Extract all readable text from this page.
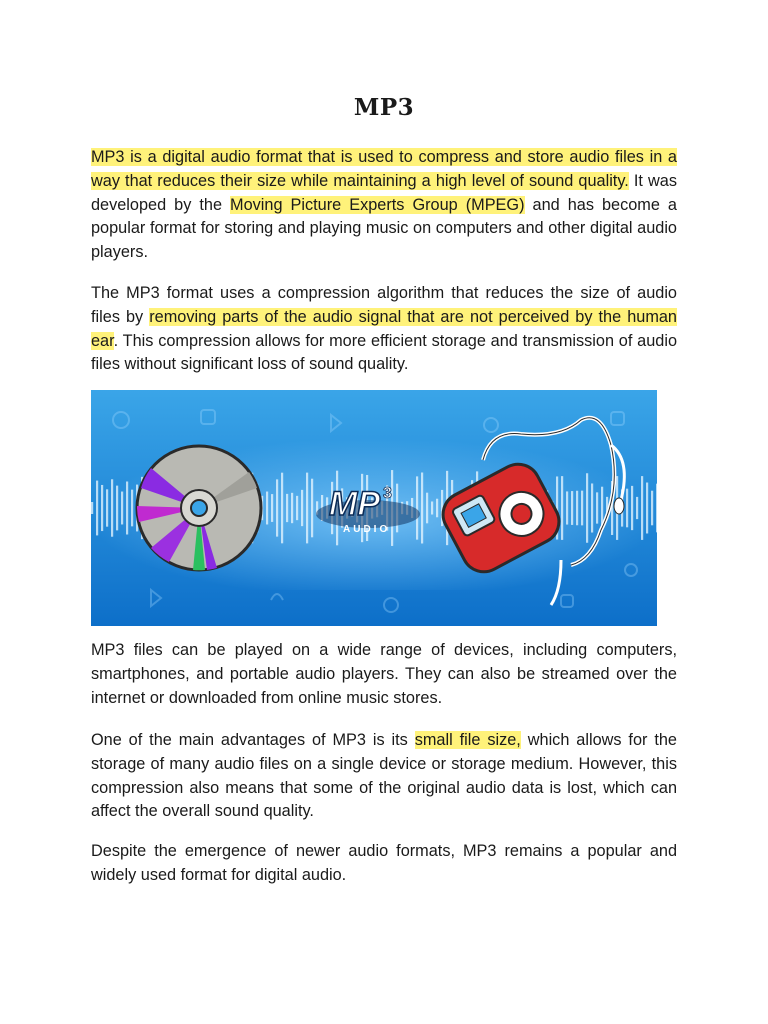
MP3

MP3 is a digital audio format that is used to compress and store audio files in a way that reduces their size while maintaining a high level of sound quality. It was developed by the Moving Picture Experts Group (MPEG) and has become a popular format for storing and playing music on computers and other digital audio players.

The MP3 format uses a compression algorithm that reduces the size of audio files by removing parts of the audio signal that are not perceived by the human ear. This compression allows for more efficient storage and transmission of audio files without significant loss of sound quality.

MP 3
AUDIO

MP3 files can be played on a wide range of devices, including computers, smartphones, and portable audio players. They can also be streamed over the internet or downloaded from online music stores.

One of the main advantages of MP3 is its small file size, which allows for the storage of many audio files on a single device or storage medium. However, this compression also means that some of the original audio data is lost, which can affect the overall sound quality.

Despite the emergence of newer audio formats, MP3 remains a popular and widely used format for digital audio.
